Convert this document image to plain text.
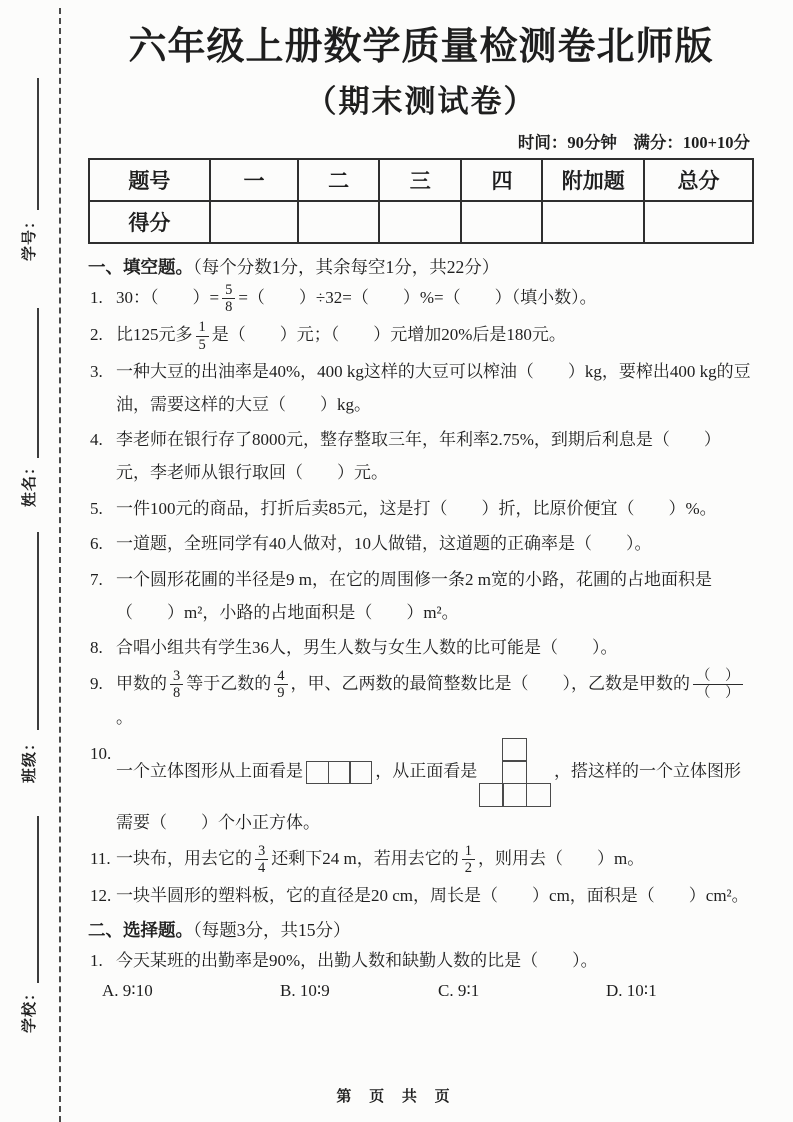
学号：
姓名：
班级：
学校：
六年级上册数学质量检测卷北师版
（期末测试卷）
时间：90分钟　满分：100+10分
题号	一	二	三	四	附加题	总分
得分						
一、填空题。（每个分数1分，其余每空1分，共22分）
1. 30：（　　）= $\frac{5}{8}$ =（　　）÷32=（　　）%=（　　）（填小数）。
2. 比125元多 $\frac{1}{5}$ 是（　　）元；（　　）元增加20%后是180元。
3. 一种大豆的出油率是40%，400 kg这样的大豆可以榨油（　　）kg，要榨出400 kg的豆油，需要这样的大豆（　　）kg。
4. 李老师在银行存了8000元，整存整取三年，年利率2.75%，到期后利息是（　　）元，李老师从银行取回（　　）元。
5. 一件100元的商品，打折后卖85元，这是打（　　）折，比原价便宜（　　）%。
6. 一道题，全班同学有40人做对，10人做错，这道题的正确率是（　　）。
7. 一个圆形花圃的半径是9 m，在它的周围修一条2 m宽的小路，花圃的占地面积是（　　）m²，小路的占地面积是（　　）m²。
8. 合唱小组共有学生36人，男生人数与女生人数的比可能是（　　）。
9. 甲数的 $\frac{3}{8}$ 等于乙数的 $\frac{4}{9}$ ，甲、乙两数的最简整数比是（　　），乙数是甲数的 $\frac{( )}{( )}$
。
10.
一个立体图形从上面看是	，从正面看是	，搭这样的一个立体图形需要（　　）个小正方体。
11. 一块布，用去它的 $\frac{3}{4}$ 还剩下24 m，若用去它的 $\frac{1}{2}$ ，则用去（　　）m。
12. 一块半圆形的塑料板，它的直径是20 cm，周长是（　　）cm，面积是（　　）cm²。
二、选择题。（每题3分，共15分）
1. 今天某班的出勤率是90%，出勤人数和缺勤人数的比是（　　）。
A. 9∶10	B. 10∶9	C. 9∶1	D. 10∶1
第 页 共 页
